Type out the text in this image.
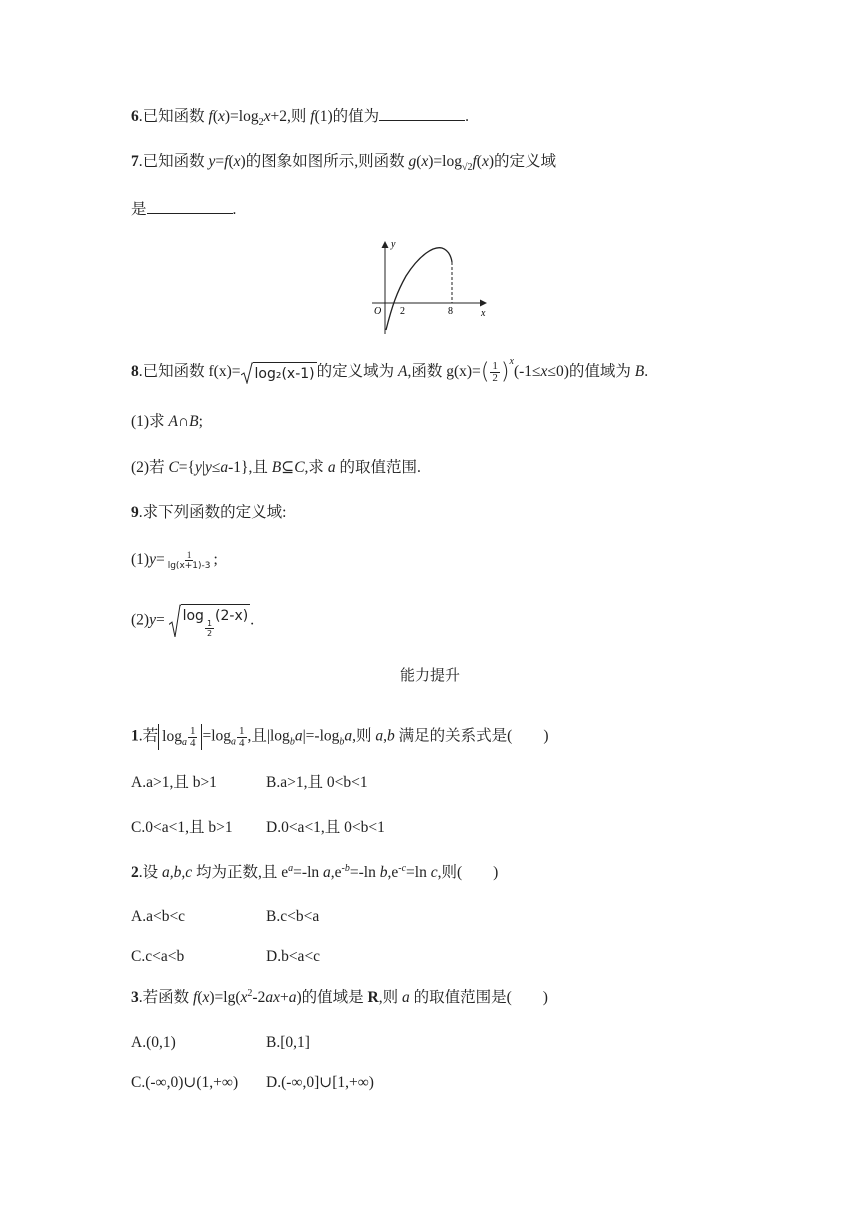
6.已知函数 $f(x)=\log_2x+2$,则 f(1)的值为	.
7.已知函数 y=f(x)的图象如图所示,则函数 $g(x)=\log_{√2}f(x)$的定义域
是	.
y
x
O 2	8
8.已知函数 f(x)= log₂(x-1) 的定义域为 A,函数 $g(x)=( \frac{1}{2} )^x(-1\le x\le 0)$的值域为 B.
(1)求 A∩B;
(2)若 C={y|y≤a-1},且 B⊆C,求 a 的取值范围.
9.求下列函数的定义域:
$(1)y= \frac{1}{\lg(x+1)-3}$ ;
(2)y=
log
$\frac{1}{2}$
(2-x) .
能力提升
1.若 $\log_a \frac{1}{4} =\log_a \frac{1}{4}$ ,且$|\log_ba|=-\log_ba$,则 a,b 满足的关系式是(        )
A.a>1,且 b>1	B.a>1,且 0<b<1
C.0<a<1,且 b>1 D.0<a<1,且 0<b<1
2.设 a,b,c 均为正数,且 $e^a=-\ln$ $a,e^{-b}=-\ln$ $b,e^{-c}=\ln$ c,则(        )
A.a<b<c	B.c<b<a
C.c<a<b	D.b<a<c
3.若函数 $f(x)=\lg(x^2-2ax+a)$的值域是 R,则 a 的取值范围是(        )
A.(0,1)	B.[0,1]
C.(-∞,0)∪(1,+∞) D.(-∞,0]∪[1,+∞)
